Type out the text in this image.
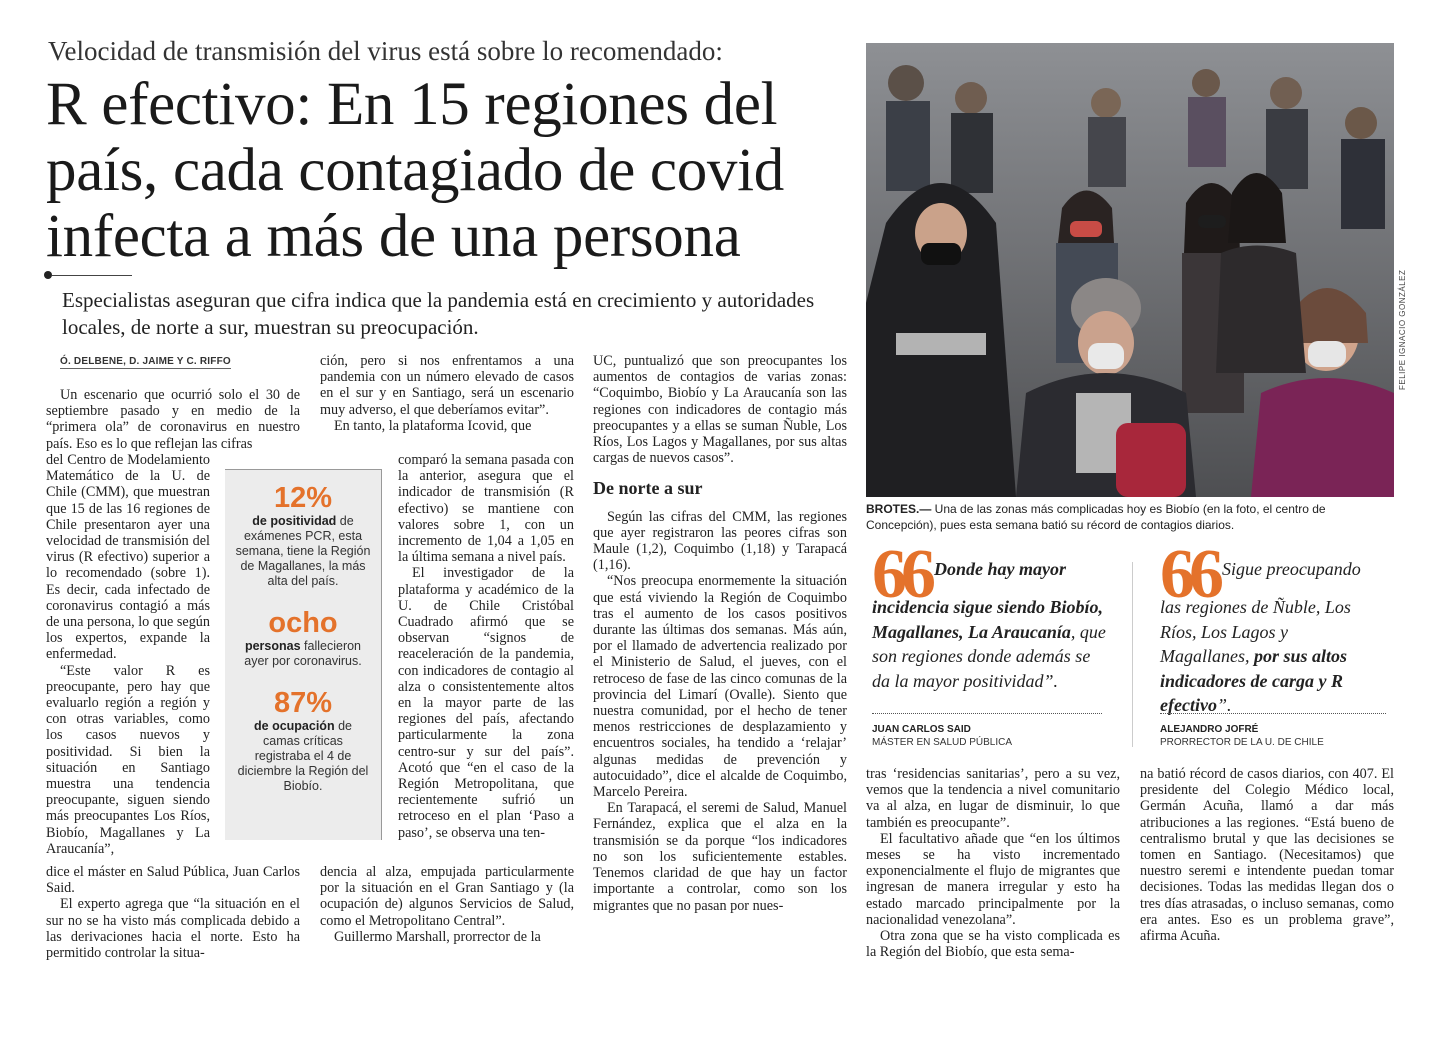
Velocidad de transmisión del virus está sobre lo recomendado:
R efectivo: En 15 regiones del
país, cada contagiado de covid
infecta a más de una persona
Especialistas aseguran que cifra indica que la pandemia está en crecimiento y autoridades locales, de norte a sur, muestran su preocupación.
Ó. DELBENE, D. JAIME Y C. RIFFO

Un escenario que ocurrió solo el 30 de septiembre pasado y en medio de la “primera ola” de coronavirus en nuestro país. Eso es lo que reflejan las cifras

del Centro de Modelamiento Matemático de la U. de Chile (CMM), que muestran que 15 de las 16 regiones de Chile presentaron ayer una velocidad de transmisión del virus (R efectivo) superior a lo recomendado (sobre 1). Es decir, cada infectado de coronavirus contagió a más de una persona, lo que según los expertos, expande la enfermedad.

“Este valor R es preocupante, pero hay que evaluarlo región a región y con otras variables, como los casos nuevos y positividad. Si bien la situación en Santiago muestra una tendencia preocupante, siguen siendo más preocupantes Los Ríos, Biobío, Magallanes y La Araucanía”,

dice el máster en Salud Pública, Juan Carlos Said.

El experto agrega que “la situación en el sur no se ha visto más complicada debido a las derivaciones hacia el norte. Esto ha permitido controlar la situa-

12%
de positividad de exámenes PCR, esta semana, tiene la Región de Magallanes, la más alta del país.
ocho
personas fallecieron ayer por coronavirus.
87%
de ocupación de camas críticas registraba el 4 de diciembre la Región del Biobío.

ción, pero si nos enfrentamos a una pandemia con un número elevado de casos en el sur y en Santiago, será un escenario muy adverso, el que deberíamos evitar”.

En tanto, la plataforma Icovid, que

comparó la semana pasada con la anterior, asegura que el indicador de transmisión (R efectivo) se mantiene con valores sobre 1, con un incremento de 1,04 a 1,05 en la última semana a nivel país.

El investigador de la plataforma y académico de la U. de Chile Cristóbal Cuadrado afirmó que se observan “signos de reaceleración de la pandemia, con indicadores de contagio al alza o consistentemente altos en la mayor parte de las regiones del país, afectando particularmente la zona centro-sur y sur del país”. Acotó que “en el caso de la Región Metropolitana, que recientemente sufrió un retroceso en el plan ‘Paso a paso’, se observa una ten-

dencia al alza, empujada particularmente por la situación en el Gran Santiago y (la ocupación de) algunos Servicios de Salud, como el Metropolitano Central”.

Guillermo Marshall, prorrector de la

UC, puntualizó que son preocupantes los aumentos de contagios de varias zonas: “Coquimbo, Biobío y La Araucanía son las regiones con indicadores de contagio más preocupantes y a ellas se suman Ñuble, Los Ríos, Los Lagos y Magallanes, por sus altas cargas de nuevos casos”.

De norte a sur

Según las cifras del CMM, las regiones que ayer registraron las peores cifras son Maule (1,2), Coquimbo (1,18) y Tarapacá (1,16).

“Nos preocupa enormemente la situación que está viviendo la Región de Coquimbo tras el aumento de los casos positivos durante las últimas dos semanas. Más aún, por el llamado de advertencia realizado por el Ministerio de Salud, el jueves, con el retroceso de fase de las cinco comunas de la provincia del Limarí (Ovalle). Siento que nuestra comunidad, por el hecho de tener menos restricciones de desplazamiento y encuentros sociales, ha tendido a ‘relajar’ algunas medidas de prevención y autocuidado”, dice el alcalde de Coquimbo, Marcelo Pereira.

En Tarapacá, el seremi de Salud, Manuel Fernández, explica que el alza en la transmisión se da porque “los indicadores no son los suficientemente estables. Tenemos claridad de que hay un factor importante a controlar, como son los migrantes que no pasan por nues-

FELIPE IGNACIO GONZÁLEZ
BROTES.— Una de las zonas más complicadas hoy es Biobío (en la foto, el centro de Concepción), pues esta semana batió su récord de contagios diarios.
66 Donde hay mayor incidencia sigue siendo Biobío, Magallanes, La Araucanía, que son regiones donde además se da la mayor positividad”.
JUAN CARLOS SAID
MÁSTER EN SALUD PÚBLICA
66 Sigue preocupando las regiones de Ñuble, Los Ríos, Los Lagos y Magallanes, por sus altos indicadores de carga y R efectivo”.
ALEJANDRO JOFRÉ
PRORRECTOR DE LA U. DE CHILE

tras ‘residencias sanitarias’, pero a su vez, vemos que la tendencia a nivel comunitario va al alza, en lugar de disminuir, lo que también es preocupante”.

El facultativo añade que “en los últimos meses se ha visto incrementado exponencialmente el flujo de migrantes que ingresan de manera irregular y esto ha estado marcado principalmente por la nacionalidad venezolana”.

Otra zona que se ha visto complicada es la Región del Biobío, que esta sema-

na batió récord de casos diarios, con 407. El presidente del Colegio Médico local, Germán Acuña, llamó a dar más atribuciones a las regiones. “Está bueno de centralismo brutal y que las decisiones se tomen en Santiago. (Necesitamos) que nuestro seremi e intendente puedan tomar decisiones. Todas las medidas llegan dos o tres días atrasadas, o incluso semanas, como era antes. Eso es un problema grave”, afirma Acuña.
